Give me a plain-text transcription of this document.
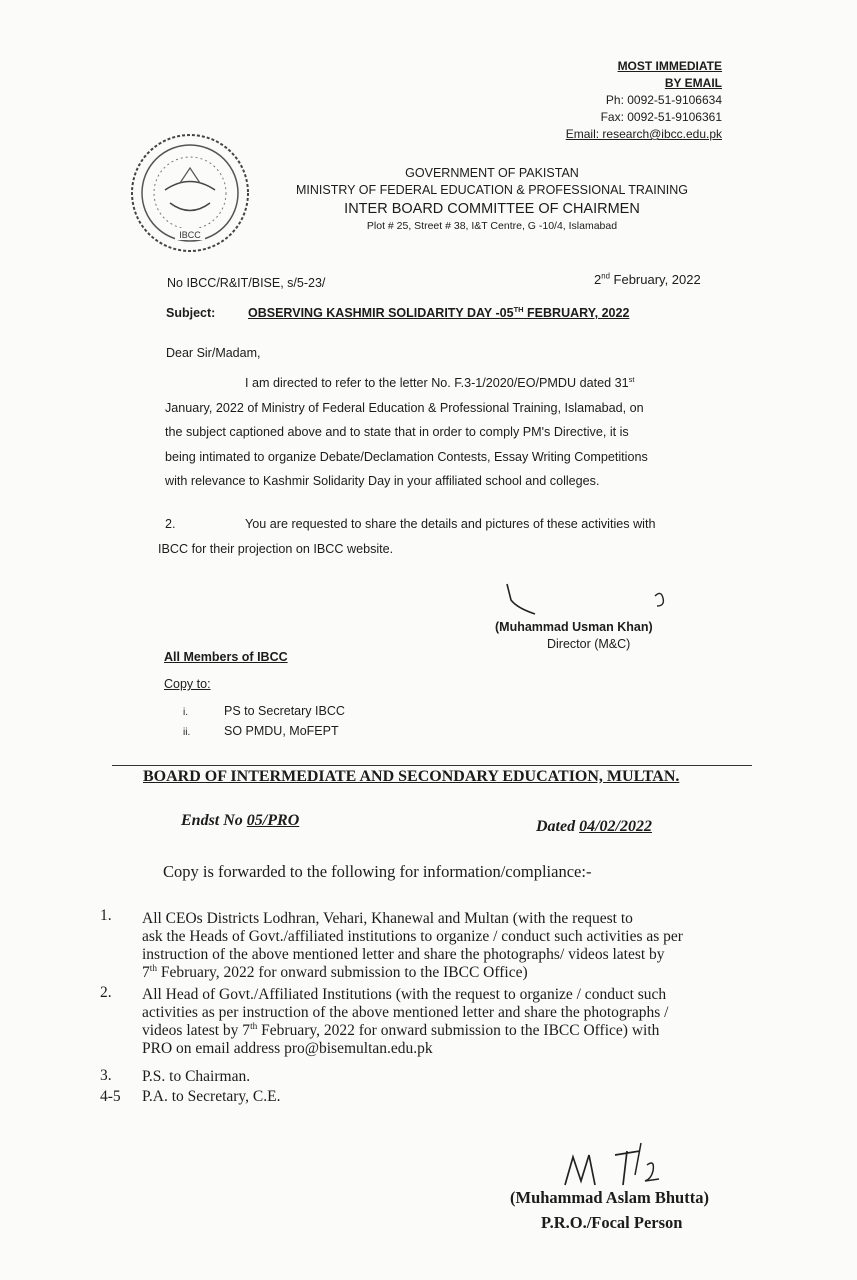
MOST IMMEDIATE
BY EMAIL
Ph: 0092-51-9106634
Fax: 0092-51-9106361
Email: research@ibcc.edu.pk
IBCC
GOVERNMENT OF PAKISTAN
MINISTRY OF FEDERAL EDUCATION & PROFESSIONAL TRAINING
INTER BOARD COMMITTEE OF CHAIRMEN
Plot # 25, Street # 38, I&T Centre, G -10/4, Islamabad
No IBCC/R&IT/BISE, s/5-23/	2nd February, 2022
Subject:	OBSERVING KASHMIR SOLIDARITY DAY -05TH FEBRUARY, 2022
Dear Sir/Madam,
I am directed to refer to the letter No. F.3-1/2020/EO/PMDU dated 31st
January, 2022 of Ministry of Federal Education & Professional Training, Islamabad, on
the subject captioned above and to state that in order to comply PM's Directive, it is
being intimated to organize Debate/Declamation Contests, Essay Writing Competitions
with relevance to Kashmir Solidarity Day in your affiliated school and colleges.
2.	You are requested to share the details and pictures of these activities with
IBCC for their projection on IBCC website.
(Muhammad Usman Khan)
Director (M&C)
All Members of IBCC
Copy to:
i.	PS to Secretary IBCC
ii.	SO PMDU, MoFEPT
BOARD OF INTERMEDIATE AND SECONDARY EDUCATION, MULTAN.
Endst No 05/PRO	Dated 04/02/2022
Copy is forwarded to the following for information/compliance:-
1. All CEOs Districts Lodhran, Vehari, Khanewal and Multan (with the request to
ask the Heads of Govt./affiliated institutions to organize / conduct such activities as per
instruction of the above mentioned letter and share the photographs/ videos latest by
7th February, 2022 for onward submission to the IBCC Office)
2. All Head of Govt./Affiliated Institutions (with the request to organize / conduct such
activities as per instruction of the above mentioned letter and share the photographs /
videos latest by 7th February, 2022 for onward submission to the IBCC Office) with
PRO on email address pro@bisemultan.edu.pk
3. P.S. to Chairman.
4-5 P.A. to Secretary, C.E.
(Muhammad Aslam Bhutta)
P.R.O./Focal Person
